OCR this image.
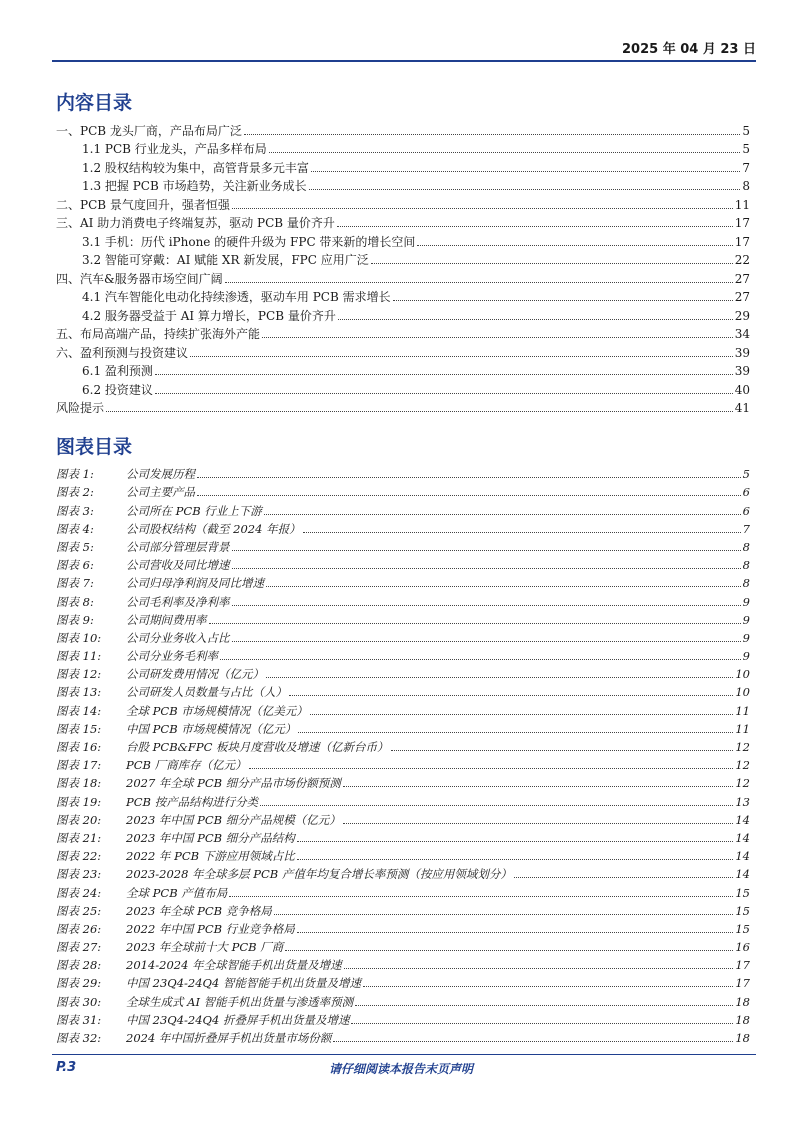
2025 年 04 月 23 日
内容目录
一、PCB 龙头厂商，产品布局广泛	5
1.1 PCB 行业龙头，产品多样布局	5
1.2 股权结构较为集中，高管背景多元丰富	7
1.3 把握 PCB 市场趋势，关注新业务成长	8
二、PCB 景气度回升，强者恒强	11
三、AI 助力消费电子终端复苏，驱动 PCB 量价齐升	17
3.1 手机：历代 iPhone 的硬件升级为 FPC 带来新的增长空间	17
3.2 智能可穿戴：AI 赋能 XR 新发展，FPC 应用广泛	22
四、汽车&服务器市场空间广阔	27
4.1 汽车智能化电动化持续渗透，驱动车用 PCB 需求增长	27
4.2 服务器受益于 AI 算力增长，PCB 量价齐升	29
五、布局高端产品，持续扩张海外产能	34
六、盈利预测与投资建议	39
6.1 盈利预测	39
6.2 投资建议	40
风险提示	41
图表目录
图表 1:	公司发展历程	5
图表 2:	公司主要产品	6
图表 3:	公司所在 PCB 行业上下游	6
图表 4:	公司股权结构（截至 2024 年报）	7
图表 5:	公司部分管理层背景	8
图表 6:	公司营收及同比增速	8
图表 7:	公司归母净利润及同比增速	8
图表 8:	公司毛利率及净利率	9
图表 9:	公司期间费用率	9
图表 10: 公司分业务收入占比	9
图表 11: 公司分业务毛利率	9
图表 12: 公司研发费用情况（亿元）	10
图表 13: 公司研发人员数量与占比（人）	10
图表 14: 全球 PCB 市场规模情况（亿美元）	11
图表 15: 中国 PCB 市场规模情况（亿元）	11
图表 16: 台股 PCB&FPC 板块月度营收及增速（亿新台币）	12
图表 17: PCB 厂商库存（亿元）	12
图表 18: 2027 年全球 PCB 细分产品市场份额预测	12
图表 19: PCB 按产品结构进行分类	13
图表 20: 2023 年中国 PCB 细分产品规模（亿元）	14
图表 21: 2023 年中国 PCB 细分产品结构	14
图表 22: 2022 年 PCB 下游应用领域占比	14
图表 23: 2023-2028 年全球多层 PCB 产值年均复合增长率预测（按应用领域划分）	14
图表 24: 全球 PCB 产值布局	15
图表 25: 2023 年全球 PCB 竞争格局	15
图表 26: 2022 年中国 PCB 行业竞争格局	15
图表 27: 2023 年全球前十大 PCB 厂商	16
图表 28: 2014-2024 年全球智能手机出货量及增速	17
图表 29: 中国 23Q4-24Q4 智能智能手机出货量及增速	17
图表 30: 全球生成式 AI 智能手机出货量与渗透率预测	18
图表 31: 中国 23Q4-24Q4 折叠屏手机出货量及增速	18
图表 32: 2024 年中国折叠屏手机出货量市场份额	18
P.3	请仔细阅读本报告末页声明
